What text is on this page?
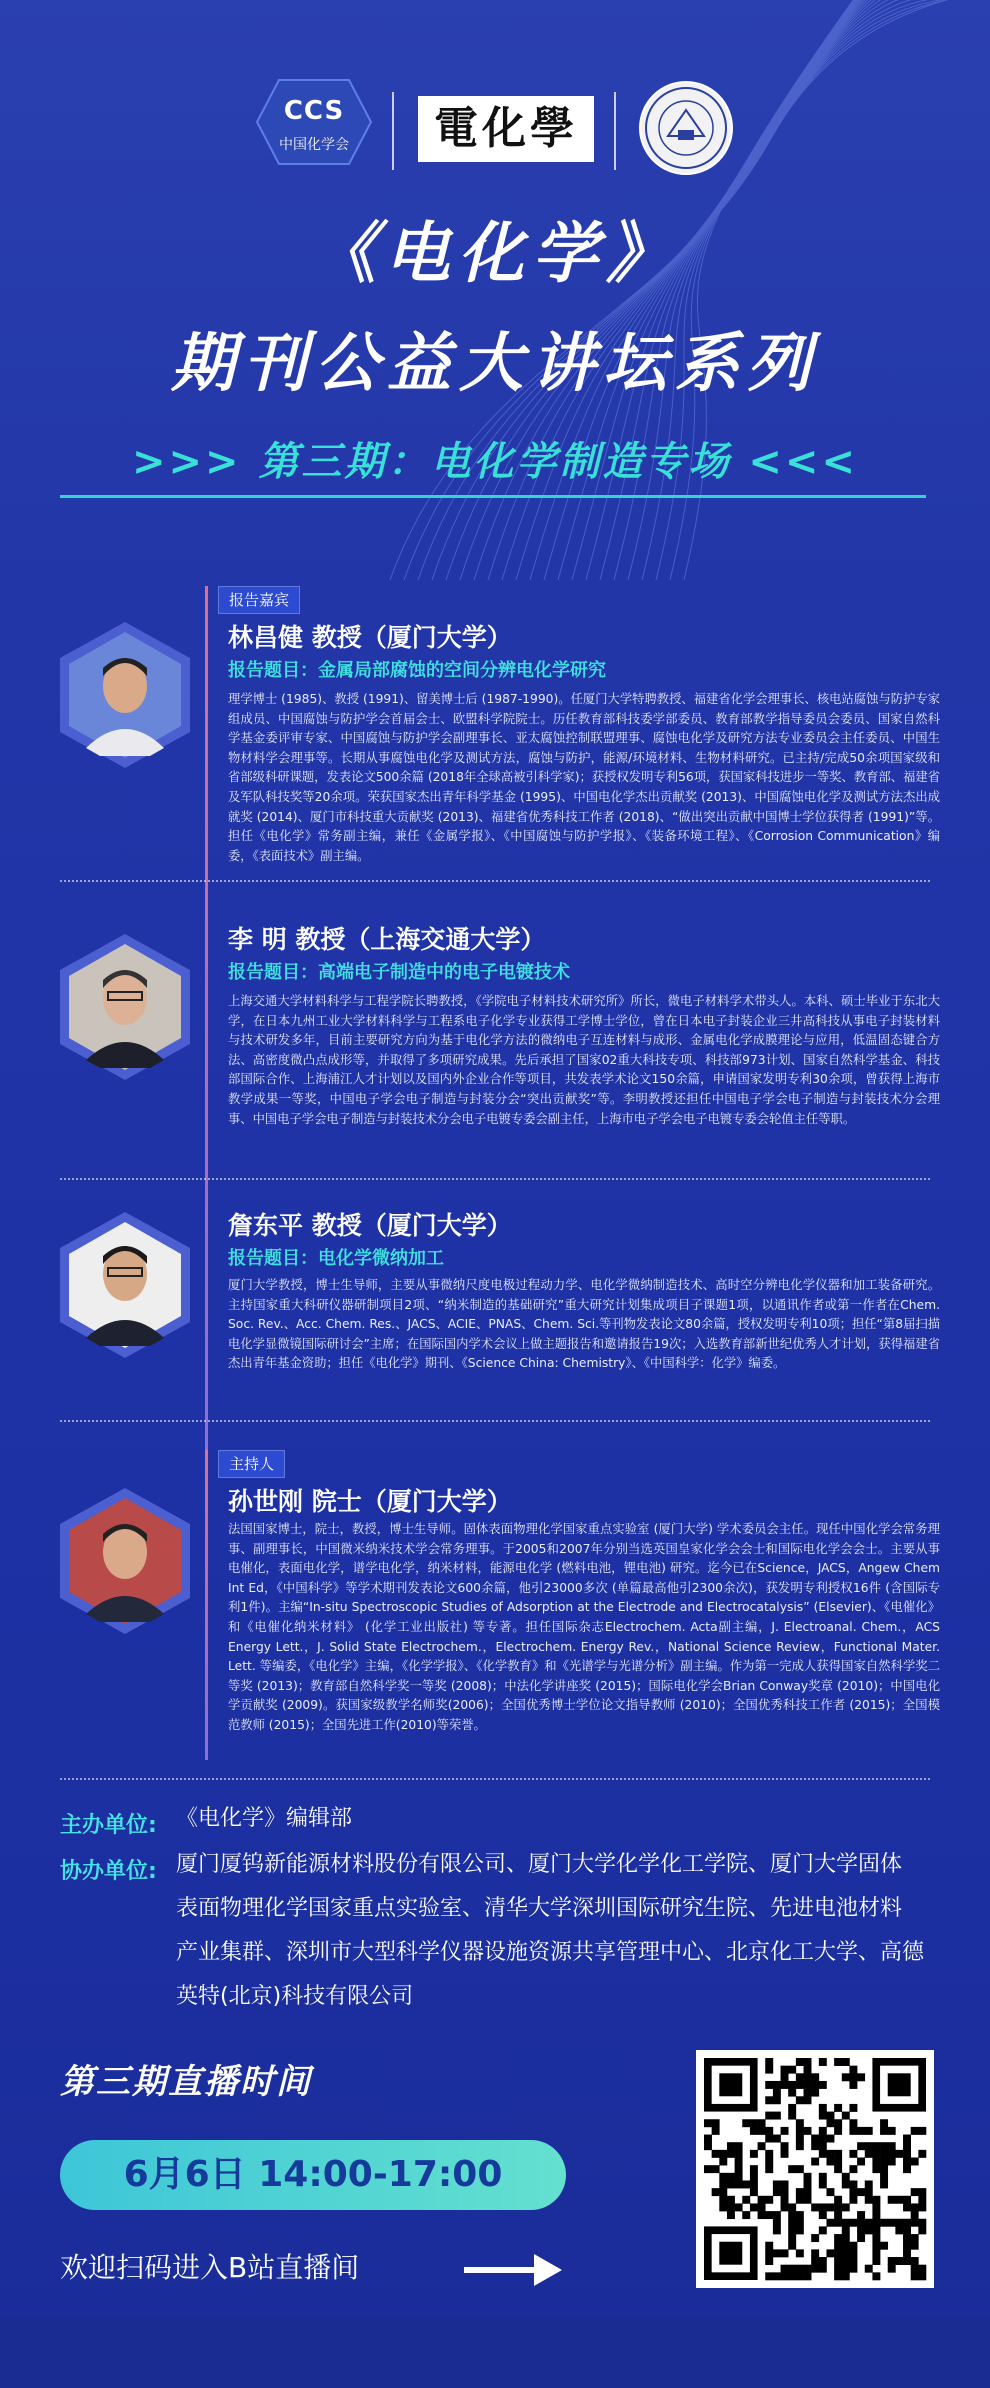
CCS
中国化学会	電化學
《电化学》
期刊公益大讲坛系列
>>> 第三期：电化学制造专场 <<<
报告嘉宾
林昌健 教授（厦门大学）
报告题目：金属局部腐蚀的空间分辨电化学研究
理学博士 (1985)、教授 (1991)、留美博士后 (1987-1990)。任厦门大学特聘教授、福建省化学会理事长、核电站腐蚀与防护专家组成员、中国腐蚀与防护学会首届会士、欧盟科学院院士。历任教育部科技委学部委员、教育部教学指导委员会委员、国家自然科学基金委评审专家、中国腐蚀与防护学会副理事长、亚太腐蚀控制联盟理事、腐蚀电化学及研究方法专业委员会主任委员、中国生物材料学会理事等。长期从事腐蚀电化学及测试方法，腐蚀与防护，能源/环境材料、生物材料研究。已主持/完成50余项国家级和省部级科研课题，发表论文500余篇 (2018年全球高被引科学家)；获授权发明专利56项，获国家科技进步一等奖、教育部、福建省及军队科技奖等20余项。荣获国家杰出青年科学基金 (1995)、中国电化学杰出贡献奖 (2013)、中国腐蚀电化学及测试方法杰出成就奖 (2014)、厦门市科技重大贡献奖 (2013)、福建省优秀科技工作者 (2018)、“做出突出贡献中国博士学位获得者 (1991)”等。担任《电化学》常务副主编，兼任《金属学报》、《中国腐蚀与防护学报》、《装备环境工程》、《Corrosion Communication》编委，《表面技术》副主编。
李 明 教授（上海交通大学）
报告题目：高端电子制造中的电子电镀技术
上海交通大学材料科学与工程学院长聘教授，《学院电子材料技术研究所》所长，微电子材料学术带头人。本科、硕士毕业于东北大学，在日本九州工业大学材料科学与工程系电子化学专业获得工学博士学位，曾在日本电子封装企业三井高科技从事电子封装材料与技术研发多年，目前主要研究方向为基于电化学方法的微纳电子互连材料与成形、金属电化学成膜理论与应用，低温固态键合方法、高密度微凸点成形等，并取得了多项研究成果。先后承担了国家02重大科技专项、科技部973计划、国家自然科学基金、科技部国际合作、上海浦江人才计划以及国内外企业合作等项目，共发表学术论文150余篇，申请国家发明专利30余项，曾获得上海市教学成果一等奖，中国电子学会电子制造与封装分会“突出贡献奖”等。李明教授还担任中国电子学会电子制造与封装技术分会理事、中国电子学会电子制造与封装技术分会电子电镀专委会副主任，上海市电子学会电子电镀专委会轮值主任等职。
詹东平 教授（厦门大学）
报告题目：电化学微纳加工
厦门大学教授，博士生导师，主要从事微纳尺度电极过程动力学、电化学微纳制造技术、高时空分辨电化学仪器和加工装备研究。主持国家重大科研仪器研制项目2项、“纳米制造的基础研究”重大研究计划集成项目子课题1项，以通讯作者或第一作者在Chem. Soc. Rev.、Acc. Chem. Res.、JACS、ACIE、PNAS、Chem. Sci.等刊物发表论文80余篇，授权发明专利10项；担任“第8届扫描电化学显微镜国际研讨会”主席；在国际国内学术会议上做主题报告和邀请报告19次；入选教育部新世纪优秀人才计划，获得福建省杰出青年基金资助；担任《电化学》期刊、《Science China: Chemistry》、《中国科学：化学》编委。
主持人
孙世刚 院士（厦门大学）
法国国家博士，院士，教授，博士生导师。固体表面物理化学国家重点实验室 (厦门大学) 学术委员会主任。现任中国化学会常务理事、副理事长，中国微米纳米技术学会常务理事。于2005和2007年分别当选英国皇家化学会会士和国际电化学会会士。主要从事电催化，表面电化学，谱学电化学，纳米材料，能源电化学 (燃料电池，锂电池) 研究。迄今已在Science，JACS，Angew Chem Int Ed，《中国科学》等学术期刊发表论文600余篇，他引23000多次 (单篇最高他引2300余次)，获发明专利授权16件 (含国际专利1件)。主编“In-situ Spectroscopic Studies of Adsorption at the Electrode and Electrocatalysis” (Elsevier)、《电催化》和《电催化纳米材料》 (化学工业出版社) 等专著。担任国际杂志Electrochem. Acta副主编，J. Electroanal. Chem.，ACS Energy Lett.，J. Solid State Electrochem.，Electrochem. Energy Rev.，National Science Review，Functional Mater. Lett. 等编委，《电化学》主编，《化学学报》、《化学教育》和《光谱学与光谱分析》副主编。作为第一完成人获得国家自然科学奖二等奖 (2013)；教育部自然科学奖一等奖 (2008)；中法化学讲座奖 (2015)；国际电化学会Brian Conway奖章 (2010)；中国电化学贡献奖 (2009)。获国家级教学名师奖(2006)；全国优秀博士学位论文指导教师 (2010)；全国优秀科技工作者 (2015)；全国模范教师 (2015)；全国先进工作(2010)等荣誉。
主办单位: 《电化学》编辑部
协办单位: 厦门厦钨新能源材料股份有限公司、厦门大学化学化工学院、厦门大学固体
表面物理化学国家重点实验室、清华大学深圳国际研究生院、先进电池材料
产业集群、深圳市大型科学仪器设施资源共享管理中心、北京化工大学、高德
英特(北京)科技有限公司
第三期直播时间
6月6日 14:00-17:00
欢迎扫码进入B站直播间
